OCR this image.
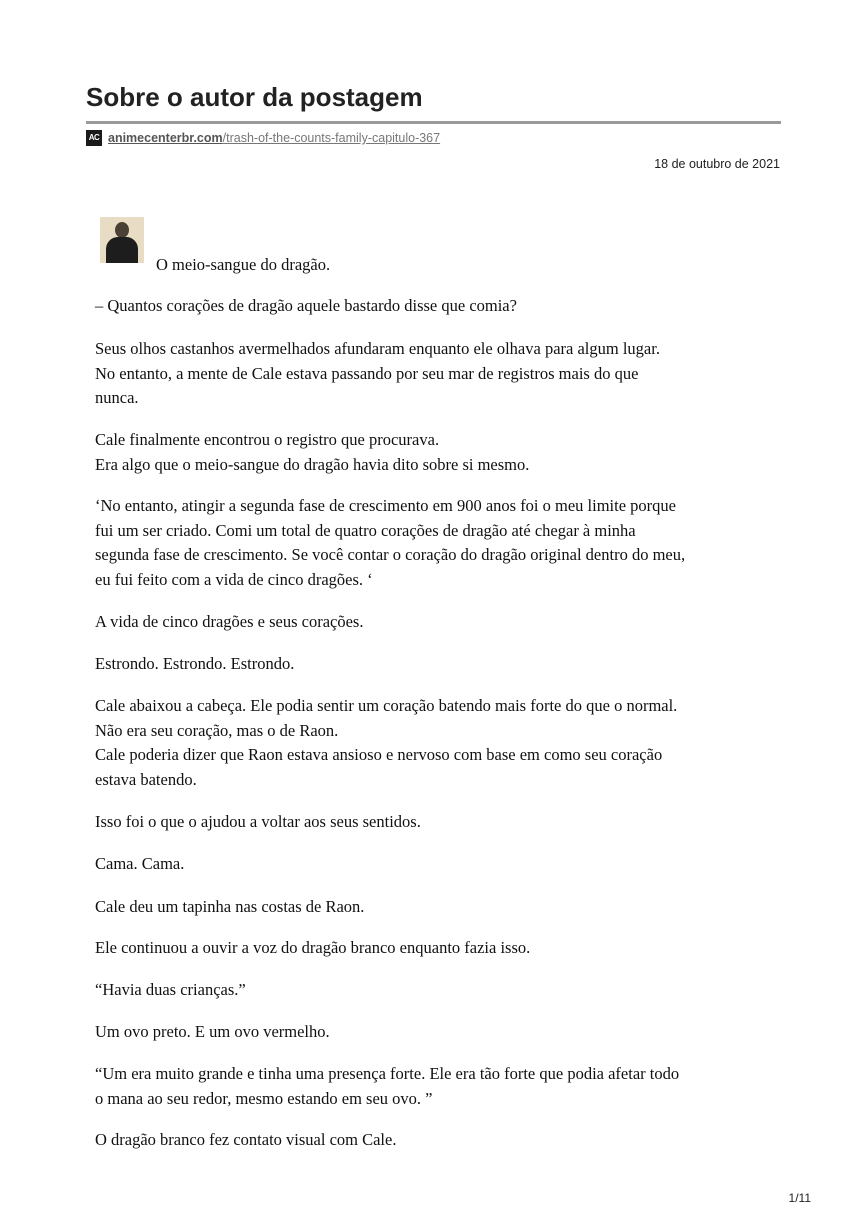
Sobre o autor da postagem
AC animecenterbr.com /trash-of-the-counts-family-capitulo-367
18 de outubro de 2021

O meio-sangue do dragão.

– Quantos corações de dragão aquele bastardo disse que comia?

Seus olhos castanhos avermelhados afundaram enquanto ele olhava para algum lugar.
No entanto, a mente de Cale estava passando por seu mar de registros mais do que
nunca.

Cale finalmente encontrou o registro que procurava.
Era algo que o meio-sangue do dragão havia dito sobre si mesmo.

‘No entanto, atingir a segunda fase de crescimento em 900 anos foi o meu limite porque
fui um ser criado. Comi um total de quatro corações de dragão até chegar à minha
segunda fase de crescimento. Se você contar o coração do dragão original dentro do meu,
eu fui feito com a vida de cinco dragões. ‘

A vida de cinco dragões e seus corações.

Estrondo. Estrondo. Estrondo.

Cale abaixou a cabeça. Ele podia sentir um coração batendo mais forte do que o normal.
Não era seu coração, mas o de Raon.
Cale poderia dizer que Raon estava ansioso e nervoso com base em como seu coração
estava batendo.

Isso foi o que o ajudou a voltar aos seus sentidos.

Cama. Cama.

Cale deu um tapinha nas costas de Raon.

Ele continuou a ouvir a voz do dragão branco enquanto fazia isso.

“Havia duas crianças.”

Um ovo preto. E um ovo vermelho.

“Um era muito grande e tinha uma presença forte. Ele era tão forte que podia afetar todo
o mana ao seu redor, mesmo estando em seu ovo. ”

O dragão branco fez contato visual com Cale.

1/11
